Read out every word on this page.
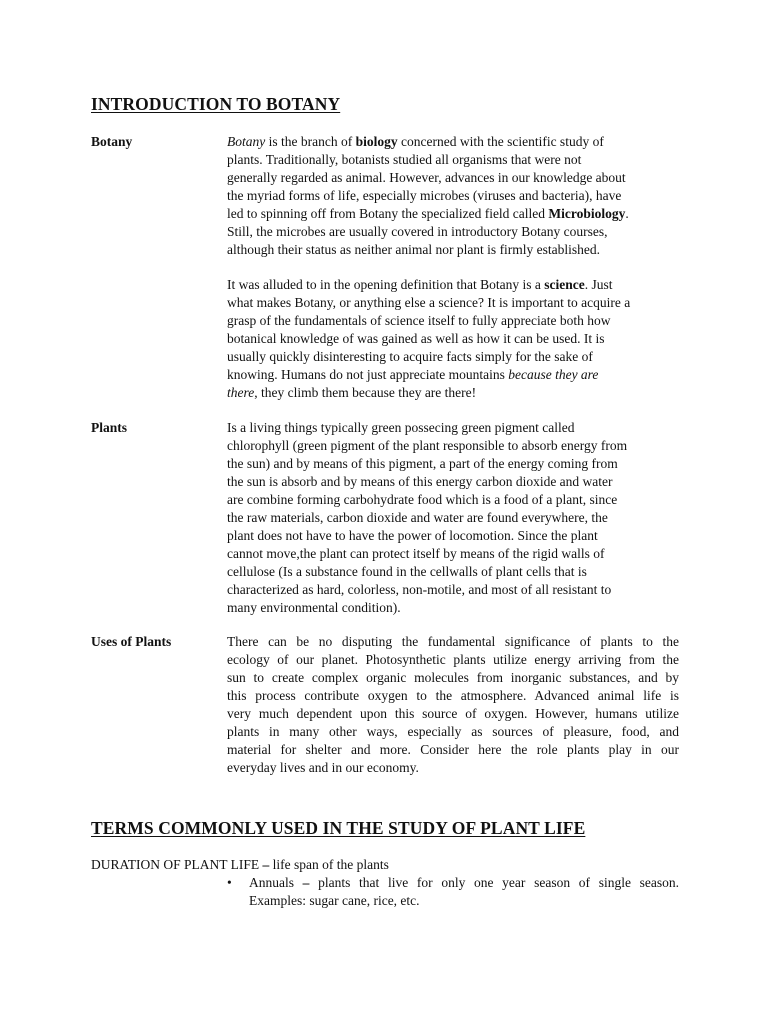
INTRODUCTION TO BOTANY
Botany	Botany is the branch of biology concerned with the scientific study of
plants. Traditionally, botanists studied all organisms that were not
generally regarded as animal. However, advances in our knowledge about
the myriad forms of life, especially microbes (viruses and bacteria), have
led to spinning off from Botany the specialized field called Microbiology.
Still, the microbes are usually covered in introductory Botany courses,
although their status as neither animal nor plant is firmly established.
It was alluded to in the opening definition that Botany is a science. Just
what makes Botany, or anything else a science? It is important to acquire a
grasp of the fundamentals of science itself to fully appreciate both how
botanical knowledge of was gained as well as how it can be used. It is
usually quickly disinteresting to acquire facts simply for the sake of
knowing. Humans do not just appreciate mountains because they are
there, they climb them because they are there!
Plants	Is a living things typically green possecing green pigment called
chlorophyll (green pigment of the plant responsible to absorb energy from
the sun) and by means of this pigment, a part of the energy coming from
the sun is absorb and by means of this energy carbon dioxide and water
are combine forming carbohydrate food which is a food of a plant, since
the raw materials, carbon dioxide and water are found everywhere, the
plant does not have to have the power of locomotion. Since the plant
cannot move,the plant can protect itself by means of the rigid walls of
cellulose (Is a substance found in the cellwalls of plant cells that is
characterized as hard, colorless, non-motile, and most of all resistant to
many environmental condition).
Uses of Plants	There can be no disputing the fundamental significance of plants to the
ecology of our planet. Photosynthetic plants utilize energy arriving from the
sun to create complex organic molecules from inorganic substances, and by
this process contribute oxygen to the atmosphere. Advanced animal life is
very much dependent upon this source of oxygen. However, humans utilize
plants in many other ways, especially as sources of pleasure, food, and
material for shelter and more. Consider here the role plants play in our
everyday lives and in our economy.
TERMS COMMONLY USED IN THE STUDY OF PLANT LIFE
DURATION OF PLANT LIFE – life span of the plants
• Annuals – plants that live for only one year season of single season.
Examples: sugar cane, rice, etc.
